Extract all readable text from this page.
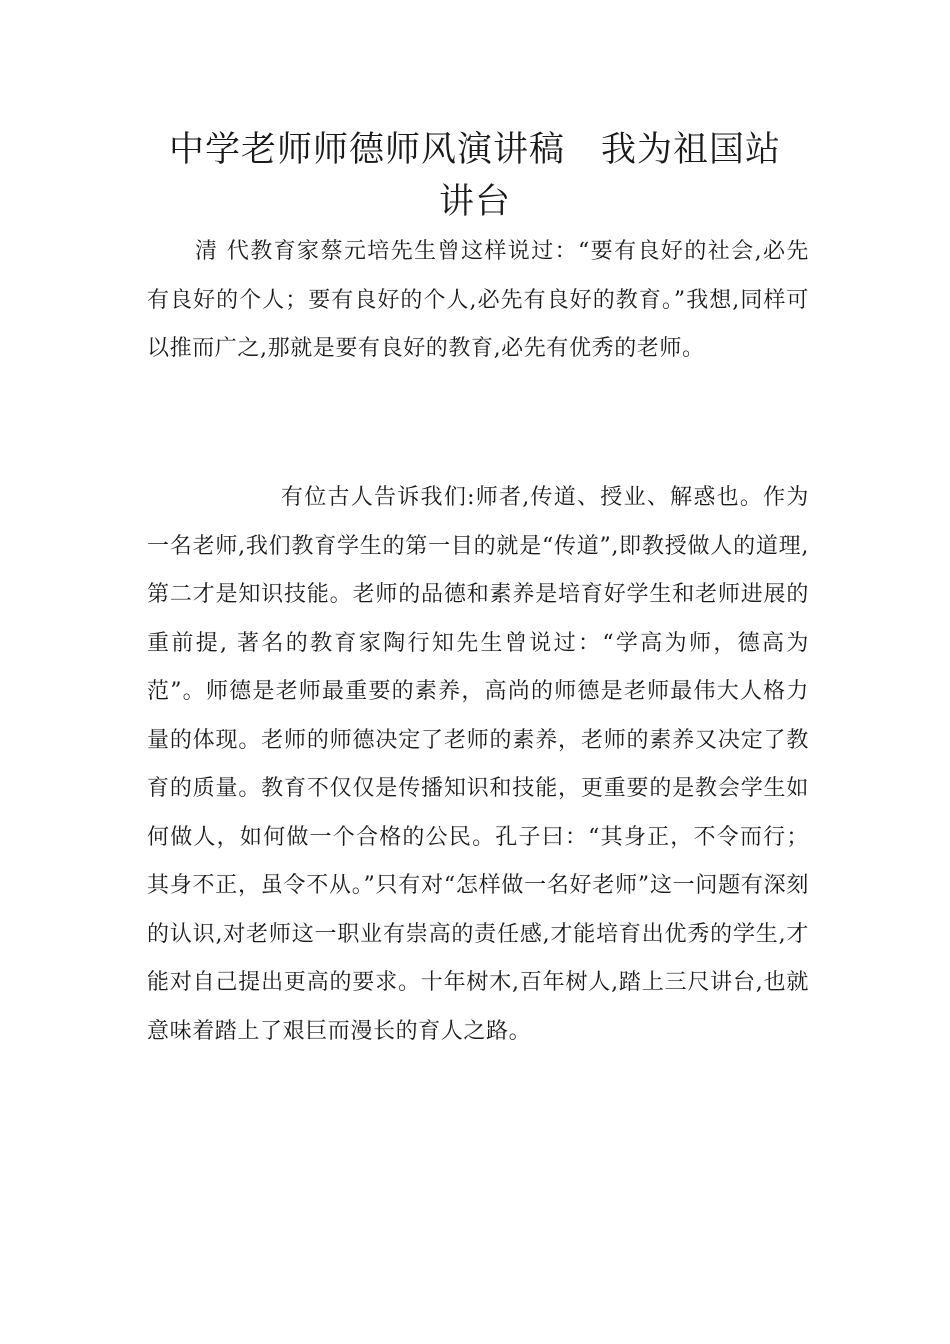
中学老师师德师风演讲稿 我为祖国站
讲台

清 代教育家蔡元培先生曾这样说过：“要有良好的社会,必先有良好的个人；要有良好的个人,必先有良好的教育。”我想,同样可以推而广之,那就是要有良好的教育,必先有优秀的老师。

有位古人告诉我们:师者,传道、授业、解惑也。作为一名老师,我们教育学生的第一目的就是“传道”,即教授做人的道理,第二才是知识技能。老师的品德和素养是培育好学生和老师进展的重前提, 著名的教育家陶行知先生曾说过：“学高为师，德高为范”。师德是老师最重要的素养，高尚的师德是老师最伟大人格力量的体现。老师的师德决定了老师的素养，老师的素养又决定了教育的质量。教育不仅仅是传播知识和技能，更重要的是教会学生如何做人，如何做一个合格的公民。孔子曰：“其身正，不令而行；其身不正，虽令不从。”只有对“怎样做一名好老师”这一问题有深刻的认识,对老师这一职业有崇高的责任感,才能培育出优秀的学生,才能对自己提出更高的要求。十年树木,百年树人,踏上三尺讲台,也就意味着踏上了艰巨而漫长的育人之路。
